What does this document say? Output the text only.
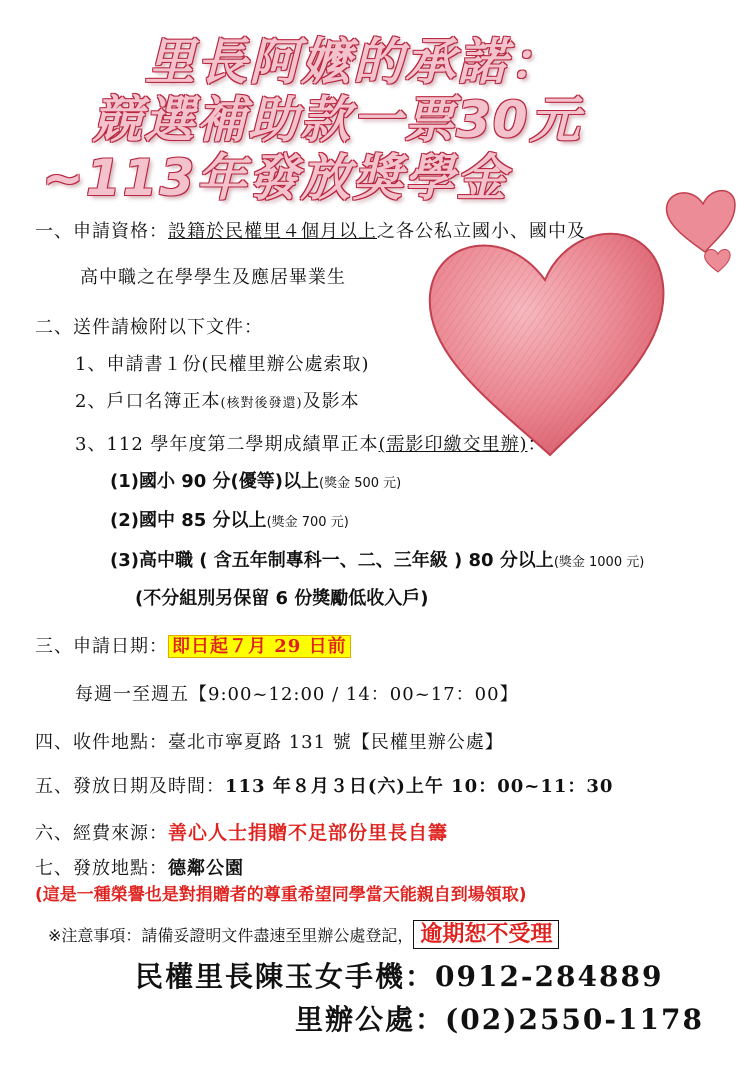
里長阿嬤的承諾：
競選補助款一票30元
~113年發放獎學金
一、申請資格：設籍於民權里４個月以上之各公私立國小、國中及
高中職之在學學生及應居畢業生
二、送件請檢附以下文件：
1、申請書１份(民權里辦公處索取)
2、戶口名簿正本(核對後發還)及影本
3、112 學年度第二學期成績單正本(需影印繳交里辦)：
(1)國小 90 分(優等)以上(獎金 500 元)
(2)國中 85 分以上(獎金 700 元)
(3)高中職 ( 含五年制專科一、二、三年級 ) 80 分以上(獎金 1000 元)
(不分組別另保留 6 份獎勵低收入戶)
三、申請日期： 即日起７月 29 日前
每週一至週五【9:00~12:00 / 14：00~17：00】
四、收件地點：臺北市寧夏路 131 號【民權里辦公處】
五、發放日期及時間：113 年８月３日(六)上午 10：00~11：30
六、經費來源：善心人士捐贈不足部份里長自籌
七、發放地點：德鄰公園
(這是一種榮譽也是對捐贈者的尊重希望同學當天能親自到場領取)
※注意事項：請備妥證明文件盡速至里辦公處登記， 逾期恕不受理
民權里長陳玉女手機：0912-284889
里辦公處：(02)2550-1178
